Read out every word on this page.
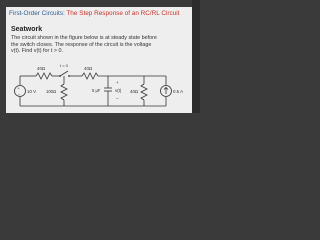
First-Order Circuits: The Step Response of an RC/RL Circuit
Seatwork
The circuit shown in the figure below is at steady state before
the switch closes. The response of the circuit is the voltage
v(t). Find v(t) for t > 0.
+
–
40Ω
t = 0
40Ω
10 V 100Ω	5 μF
+
v(t)
–
40Ω	0.5 A
